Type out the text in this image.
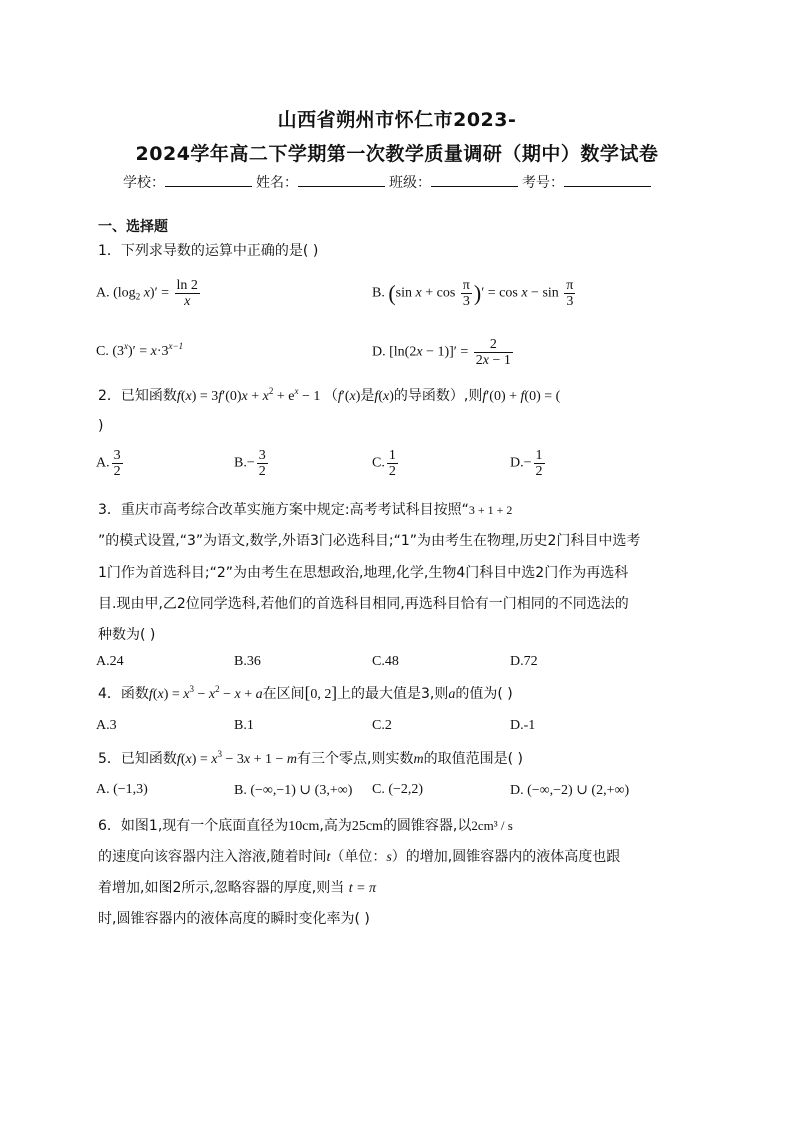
山西省朔州市怀仁市2023-
2024学年高二下学期第一次教学质量调研（期中）数学试卷
学校：	姓名：	班级：	考号：
一、选择题
1．下列求导数的运算中正确的是( )
A. ($\log_2$ $x)' = \frac{\ln 2}{x}$	B. (sin $x + \cos \frac{\pi}{3}$ )′ = $\cos x - \sin \frac{\pi}{3}$
C. $(3^x)' = x\cdot 3^{x-1}$	D. $[\ln(2x - 1)]' = \frac{2}{2x - 1}$
2．已知函数$f(x) = 3f'(0)x + x^2 + e^x - 1$ （f′(x)是f(x)的导函数）,则f′(0) + f(0) = (
)
A. $\frac{3}{2}$	$B.- \frac{3}{2}$	C. $\frac{1}{2}$	$D.- \frac{1}{2}$
3．重庆市高考综合改革实施方案中规定:高考考试科目按照“3 + 1 + 2
”的模式设置,“3”为语文,数学,外语3门必选科目;“1”为由考生在物理,历史2门科目中选考
1门作为首选科目;“2”为由考生在思想政治,地理,化学,生物4门科目中选2门作为再选科
目.现由甲,乙2位同学选科,若他们的首选科目相同,再选科目恰有一门相同的不同选法的
种数为( )
A.24	B.36	C.48	D.72
4．函数$f(x) = x^3 - x^2 - x + a$在区间[0, 2]上的最大值是3,则a的值为( )
A.3	B.1	C.2	D.-1
5．已知函数$f(x) = x^3 - 3x + 1 - m$有三个零点,则实数m的取值范围是( )
A. (−1,3)	B. (−∞,−1) ∪ (3,+∞) C. (−2,2)	D. (−∞,−2) ∪ (2,+∞)
6．如图1,现有一个底面直径为10cm,高为25cm的圆锥容器,以2cm³ / s
的速度向该容器内注入溶液,随着时间t（单位：s）的增加,圆锥容器内的液体高度也跟
着增加,如图2所示,忽略容器的厚度,则当 t = π
时,圆锥容器内的液体高度的瞬时变化率为( )
